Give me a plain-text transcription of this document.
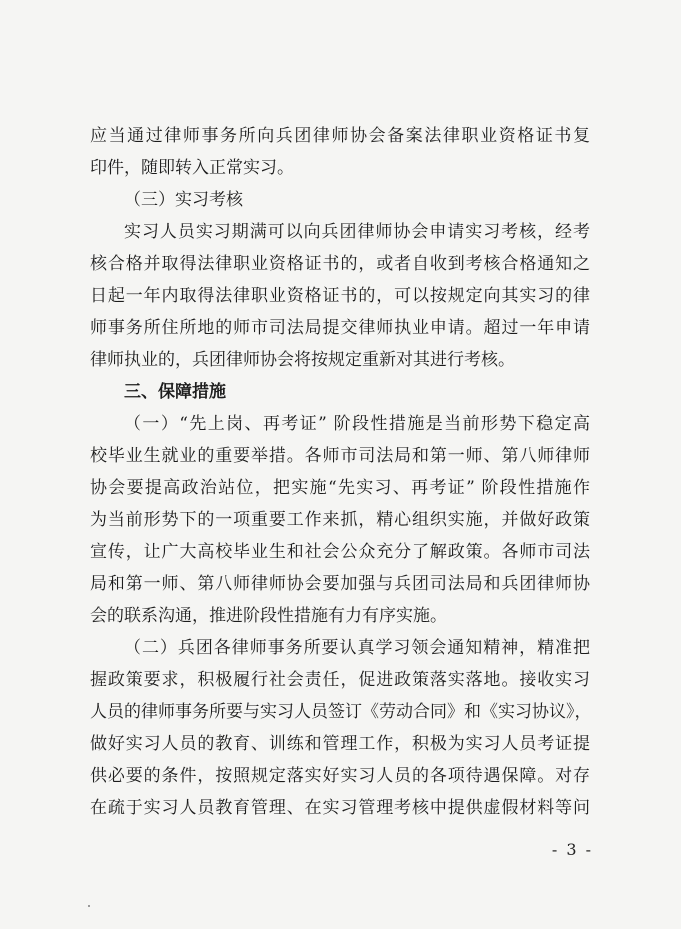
应当通过律师事务所向兵团律师协会备案法律职业资格证书复
印件，随即转入正常实习。
（三）实习考核
实习人员实习期满可以向兵团律师协会申请实习考核，经考
核合格并取得法律职业资格证书的，或者自收到考核合格通知之
日起一年内取得法律职业资格证书的，可以按规定向其实习的律
师事务所住所地的师市司法局提交律师执业申请。超过一年申请
律师执业的，兵团律师协会将按规定重新对其进行考核。
三、保障措施
（一）“先上岗、再考证” 阶段性措施是当前形势下稳定高
校毕业生就业的重要举措。各师市司法局和第一师、第八师律师
协会要提高政治站位，把实施“先实习、再考证” 阶段性措施作
为当前形势下的一项重要工作来抓，精心组织实施，并做好政策
宣传，让广大高校毕业生和社会公众充分了解政策。各师市司法
局和第一师、第八师律师协会要加强与兵团司法局和兵团律师协
会的联系沟通，推进阶段性措施有力有序实施。
（二）兵团各律师事务所要认真学习领会通知精神，精准把
握政策要求，积极履行社会责任，促进政策落实落地。接收实习
人员的律师事务所要与实习人员签订《劳动合同》和《实习协议》，
做好实习人员的教育、训练和管理工作，积极为实习人员考证提
供必要的条件，按照规定落实好实习人员的各项待遇保障。对存
在疏于实习人员教育管理、在实习管理考核中提供虚假材料等问
- 3 -
